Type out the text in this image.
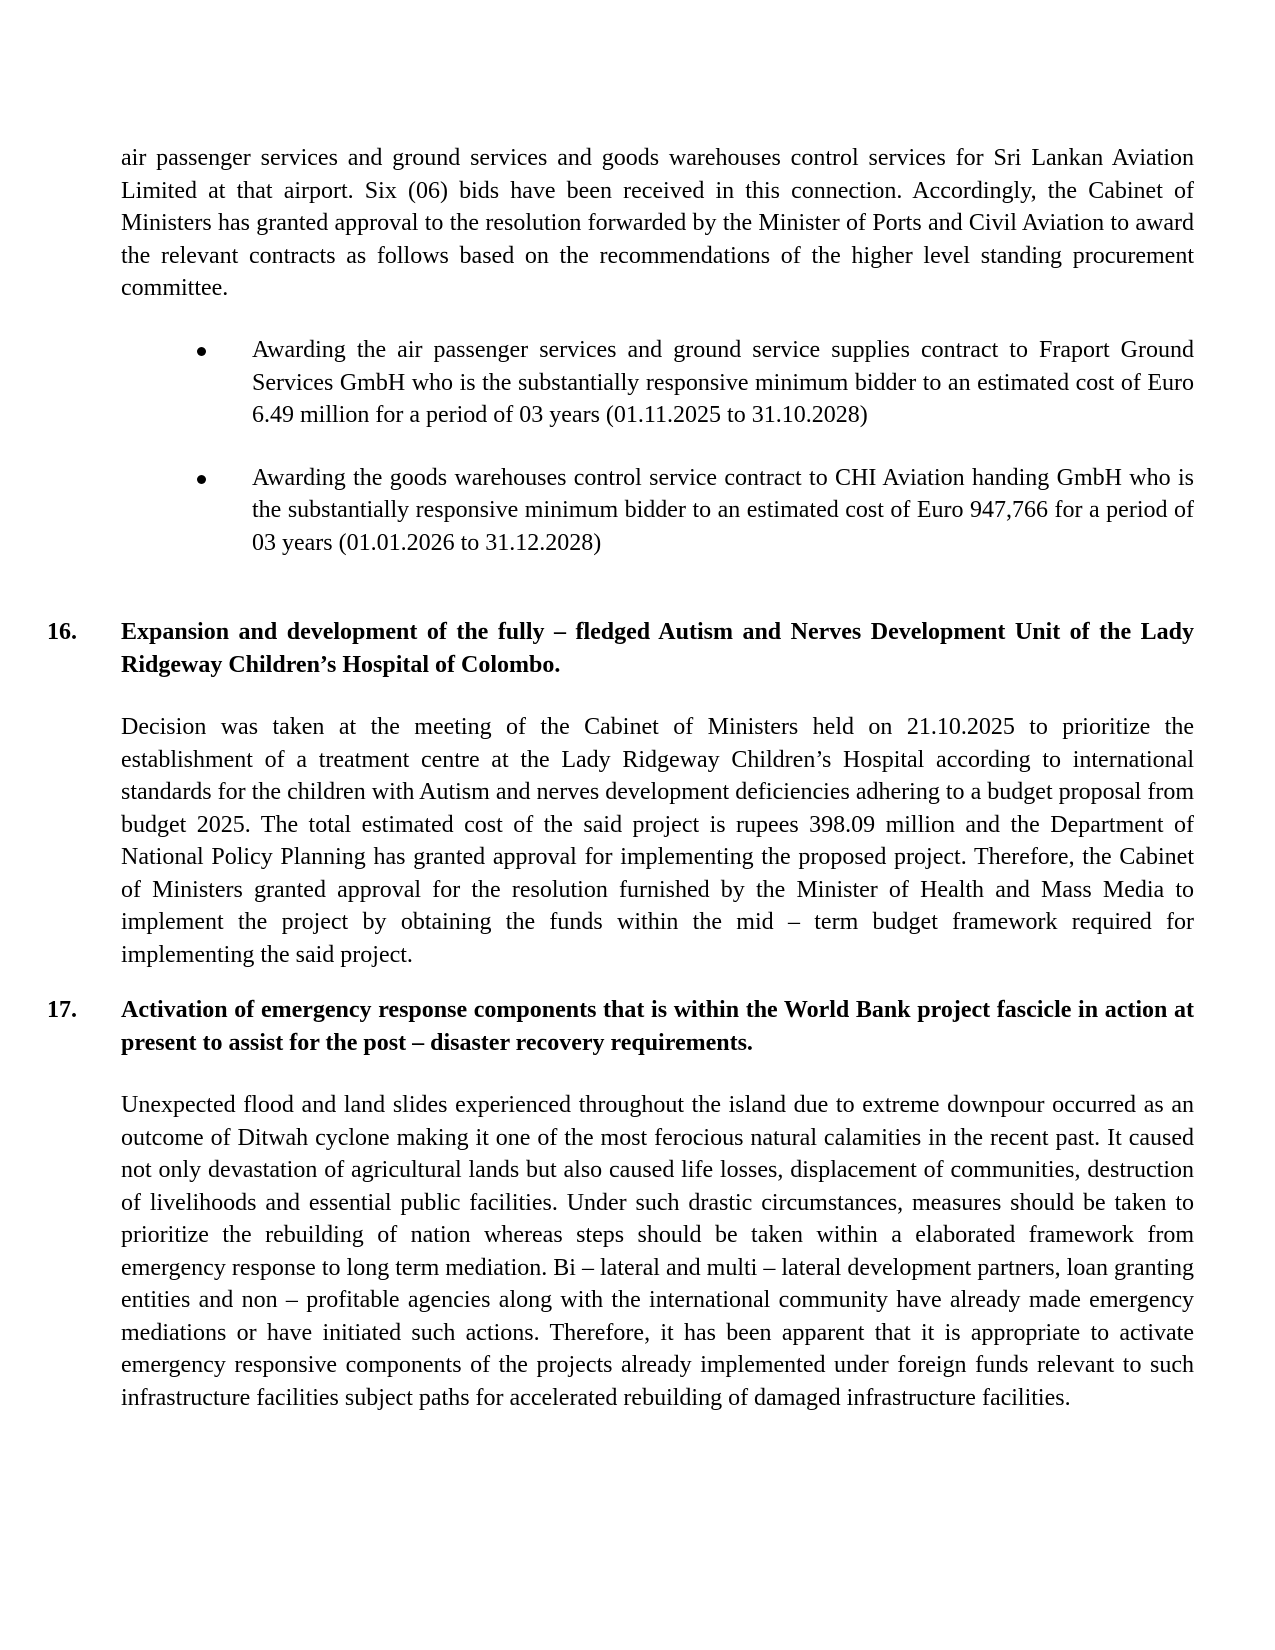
air passenger services and ground services and goods warehouses control services for Sri Lankan Aviation Limited at that airport. Six (06) bids have been received in this connection. Accordingly, the Cabinet of Ministers has granted approval to the resolution forwarded by the Minister of Ports and Civil Aviation to award the relevant contracts as follows based on the recommendations of the higher level standing procurement committee.

Awarding the air passenger services and ground service supplies contract to Fraport Ground Services GmbH who is the substantially responsive minimum bidder to an estimated cost of Euro 6.49 million for a period of 03 years (01.11.2025 to 31.10.2028)
Awarding the goods warehouses control service contract to CHI Aviation handing GmbH who is the substantially responsive minimum bidder to an estimated cost of Euro 947,766 for a period of 03 years (01.01.2026 to 31.12.2028)
16. Expansion and development of the fully – fledged Autism and Nerves Development Unit of the Lady Ridgeway Children’s Hospital of Colombo.

Decision was taken at the meeting of the Cabinet of Ministers held on 21.10.2025 to prioritize the establishment of a treatment centre at the Lady Ridgeway Children’s Hospital according to international standards for the children with Autism and nerves development deficiencies adhering to a budget proposal from budget 2025. The total estimated cost of the said project is rupees 398.09 million and the Department of National Policy Planning has granted approval for implementing the proposed project. Therefore, the Cabinet of Ministers granted approval for the resolution furnished by the Minister of Health and Mass Media to implement the project by obtaining the funds within the mid – term budget framework required for implementing the said project.

17. Activation of emergency response components that is within the World Bank project fascicle in action at present to assist for the post – disaster recovery requirements.

Unexpected flood and land slides experienced throughout the island due to extreme downpour occurred as an outcome of Ditwah cyclone making it one of the most ferocious natural calamities in the recent past. It caused not only devastation of agricultural lands but also caused life losses, displacement of communities, destruction of livelihoods and essential public facilities. Under such drastic circumstances, measures should be taken to prioritize the rebuilding of nation whereas steps should be taken within a elaborated framework from emergency response to long term mediation. Bi – lateral and multi – lateral development partners, loan granting entities and non – profitable agencies along with the international community have already made emergency mediations or have initiated such actions. Therefore, it has been apparent that it is appropriate to activate emergency responsive components of the projects already implemented under foreign funds relevant to such infrastructure facilities subject paths for accelerated rebuilding of damaged infrastructure facilities.
